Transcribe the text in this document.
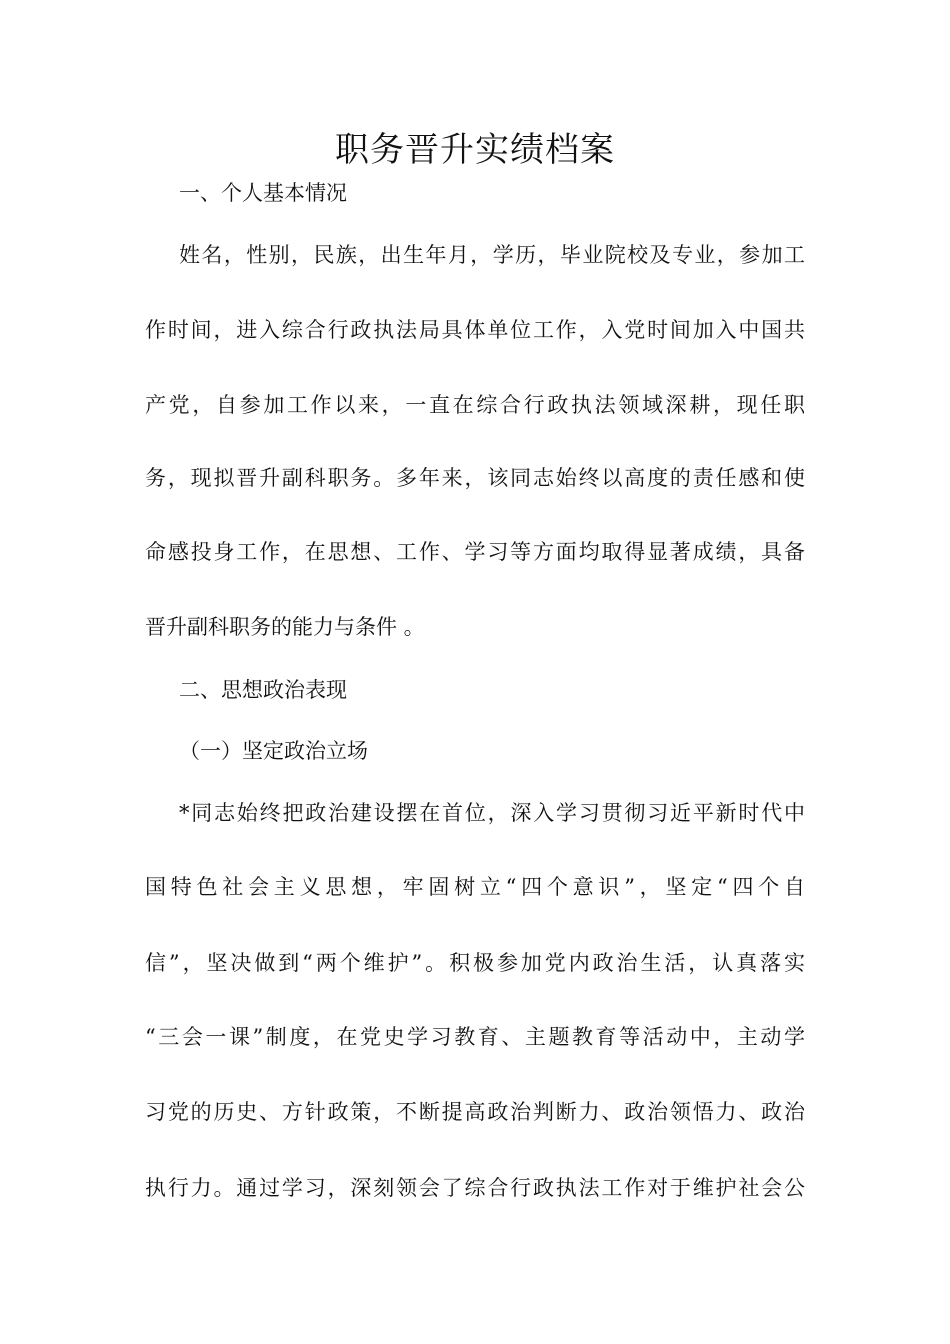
职务晋升实绩档案
一、个人基本情况
姓名，性别，民族，出生年月，学历，毕业院校及专业，参加工
作时间，进入综合行政执法局具体单位工作，入党时间加入中国共
产党，自参加工作以来，一直在综合行政执法领域深耕，现任职
务，现拟晋升副科职务。多年来，该同志始终以高度的责任感和使
命感投身工作，在思想、工作、学习等方面均取得显著成绩，具备
晋升副科职务的能力与条件 。
二、思想政治表现
（一）坚定政治立场
*同志始终把政治建设摆在首位，深入学习贯彻习近平新时代中
国特色社会主义思想，牢固树立“四个意识”，坚定“四个自
信”，坚决做到“两个维护”。积极参加党内政治生活，认真落实
“三会一课”制度，在党史学习教育、主题教育等活动中，主动学
习党的历史、方针政策，不断提高政治判断力、政治领悟力、政治
执行力。通过学习，深刻领会了综合行政执法工作对于维护社会公
